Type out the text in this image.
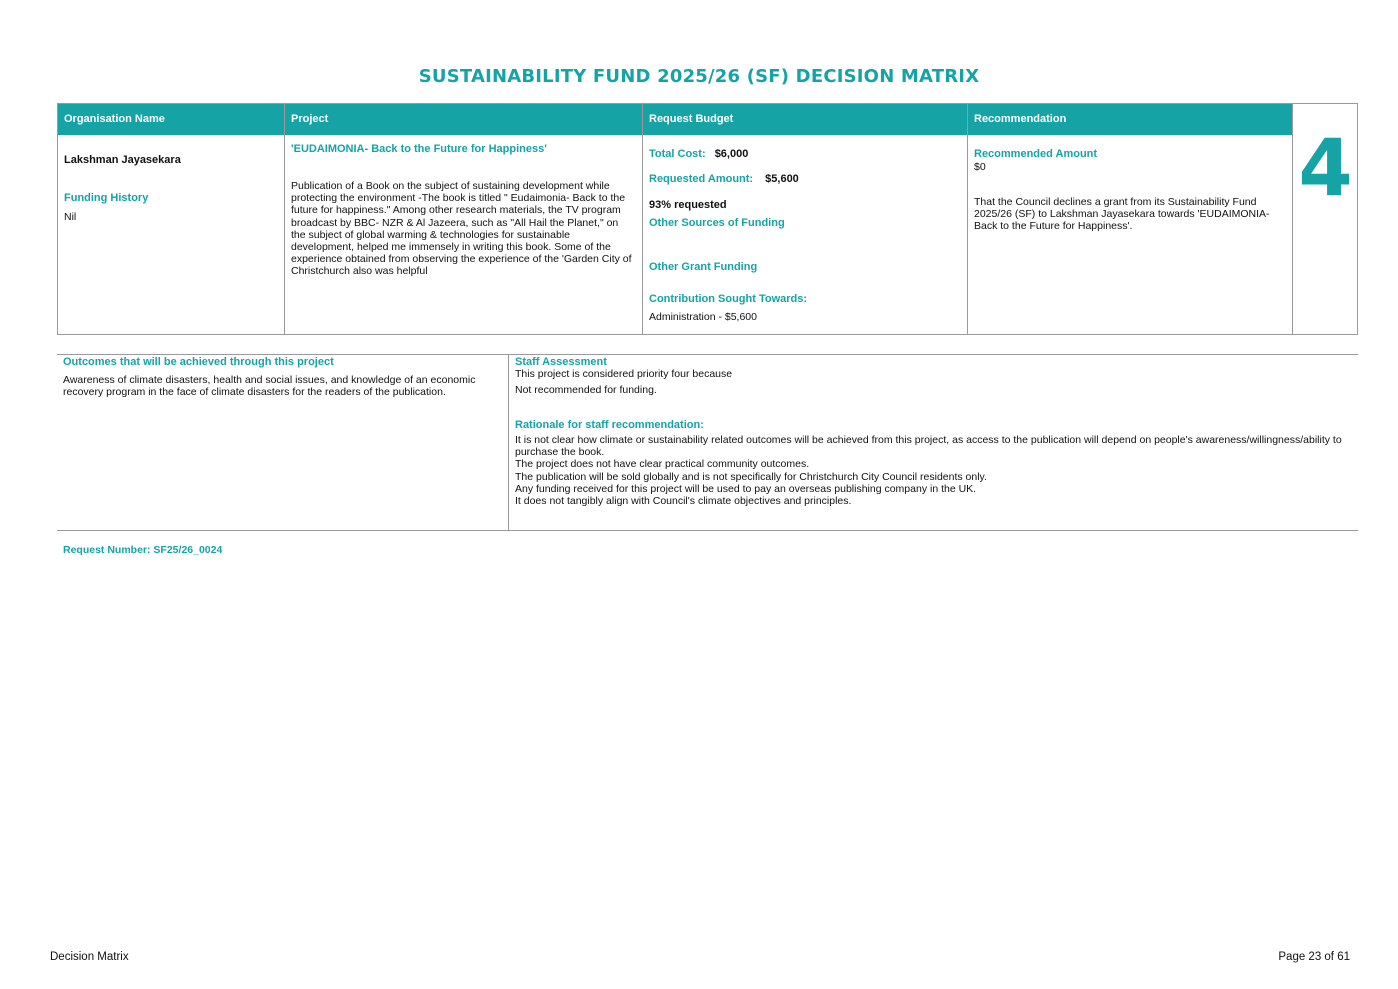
SUSTAINABILITY FUND 2025/26 (SF) DECISION MATRIX
Organisation Name
Lakshman Jayasekara
Funding History
Nil
Project
'EUDAIMONIA- Back to the Future for Happiness'
Publication of a Book on the subject of sustaining development while
protecting the environment -The book is titled " Eudaimonia- Back to the
future for happiness." Among other research materials, the TV program
broadcast by BBC- NZR & Al Jazeera, such as "All Hail the Planet," on
the subject of global warming & technologies for sustainable
development, helped me immensely in writing this book. Some of the
experience obtained from observing the experience of the 'Garden City of
Christchurch also was helpful
Request Budget
Total Cost: $6,000
Requested Amount: $5,600
93% requested
Other Sources of Funding
Other Grant Funding
Contribution Sought Towards:
Administration - $5,600
Recommendation
Recommended Amount
$0
That the Council declines a grant from its Sustainability Fund
2025/26 (SF) to Lakshman Jayasekara towards 'EUDAIMONIA-
Back to the Future for Happiness'.
4
Outcomes that will be achieved through this project
Awareness of climate disasters, health and social issues, and knowledge of an economic
recovery program in the face of climate disasters for the readers of the publication.
Staff Assessment
This project is considered priority four because
Not recommended for funding.
Rationale for staff recommendation:
It is not clear how climate or sustainability related outcomes will be achieved from this project, as access to the publication will depend on people's awareness/willingness/ability to
purchase the book.
The project does not have clear practical community outcomes.
The publication will be sold globally and is not specifically for Christchurch City Council residents only.
Any funding received for this project will be used to pay an overseas publishing company in the UK.
It does not tangibly align with Council's climate objectives and principles.
Request Number: SF25/26_0024
Decision Matrix	Page 23 of 61
